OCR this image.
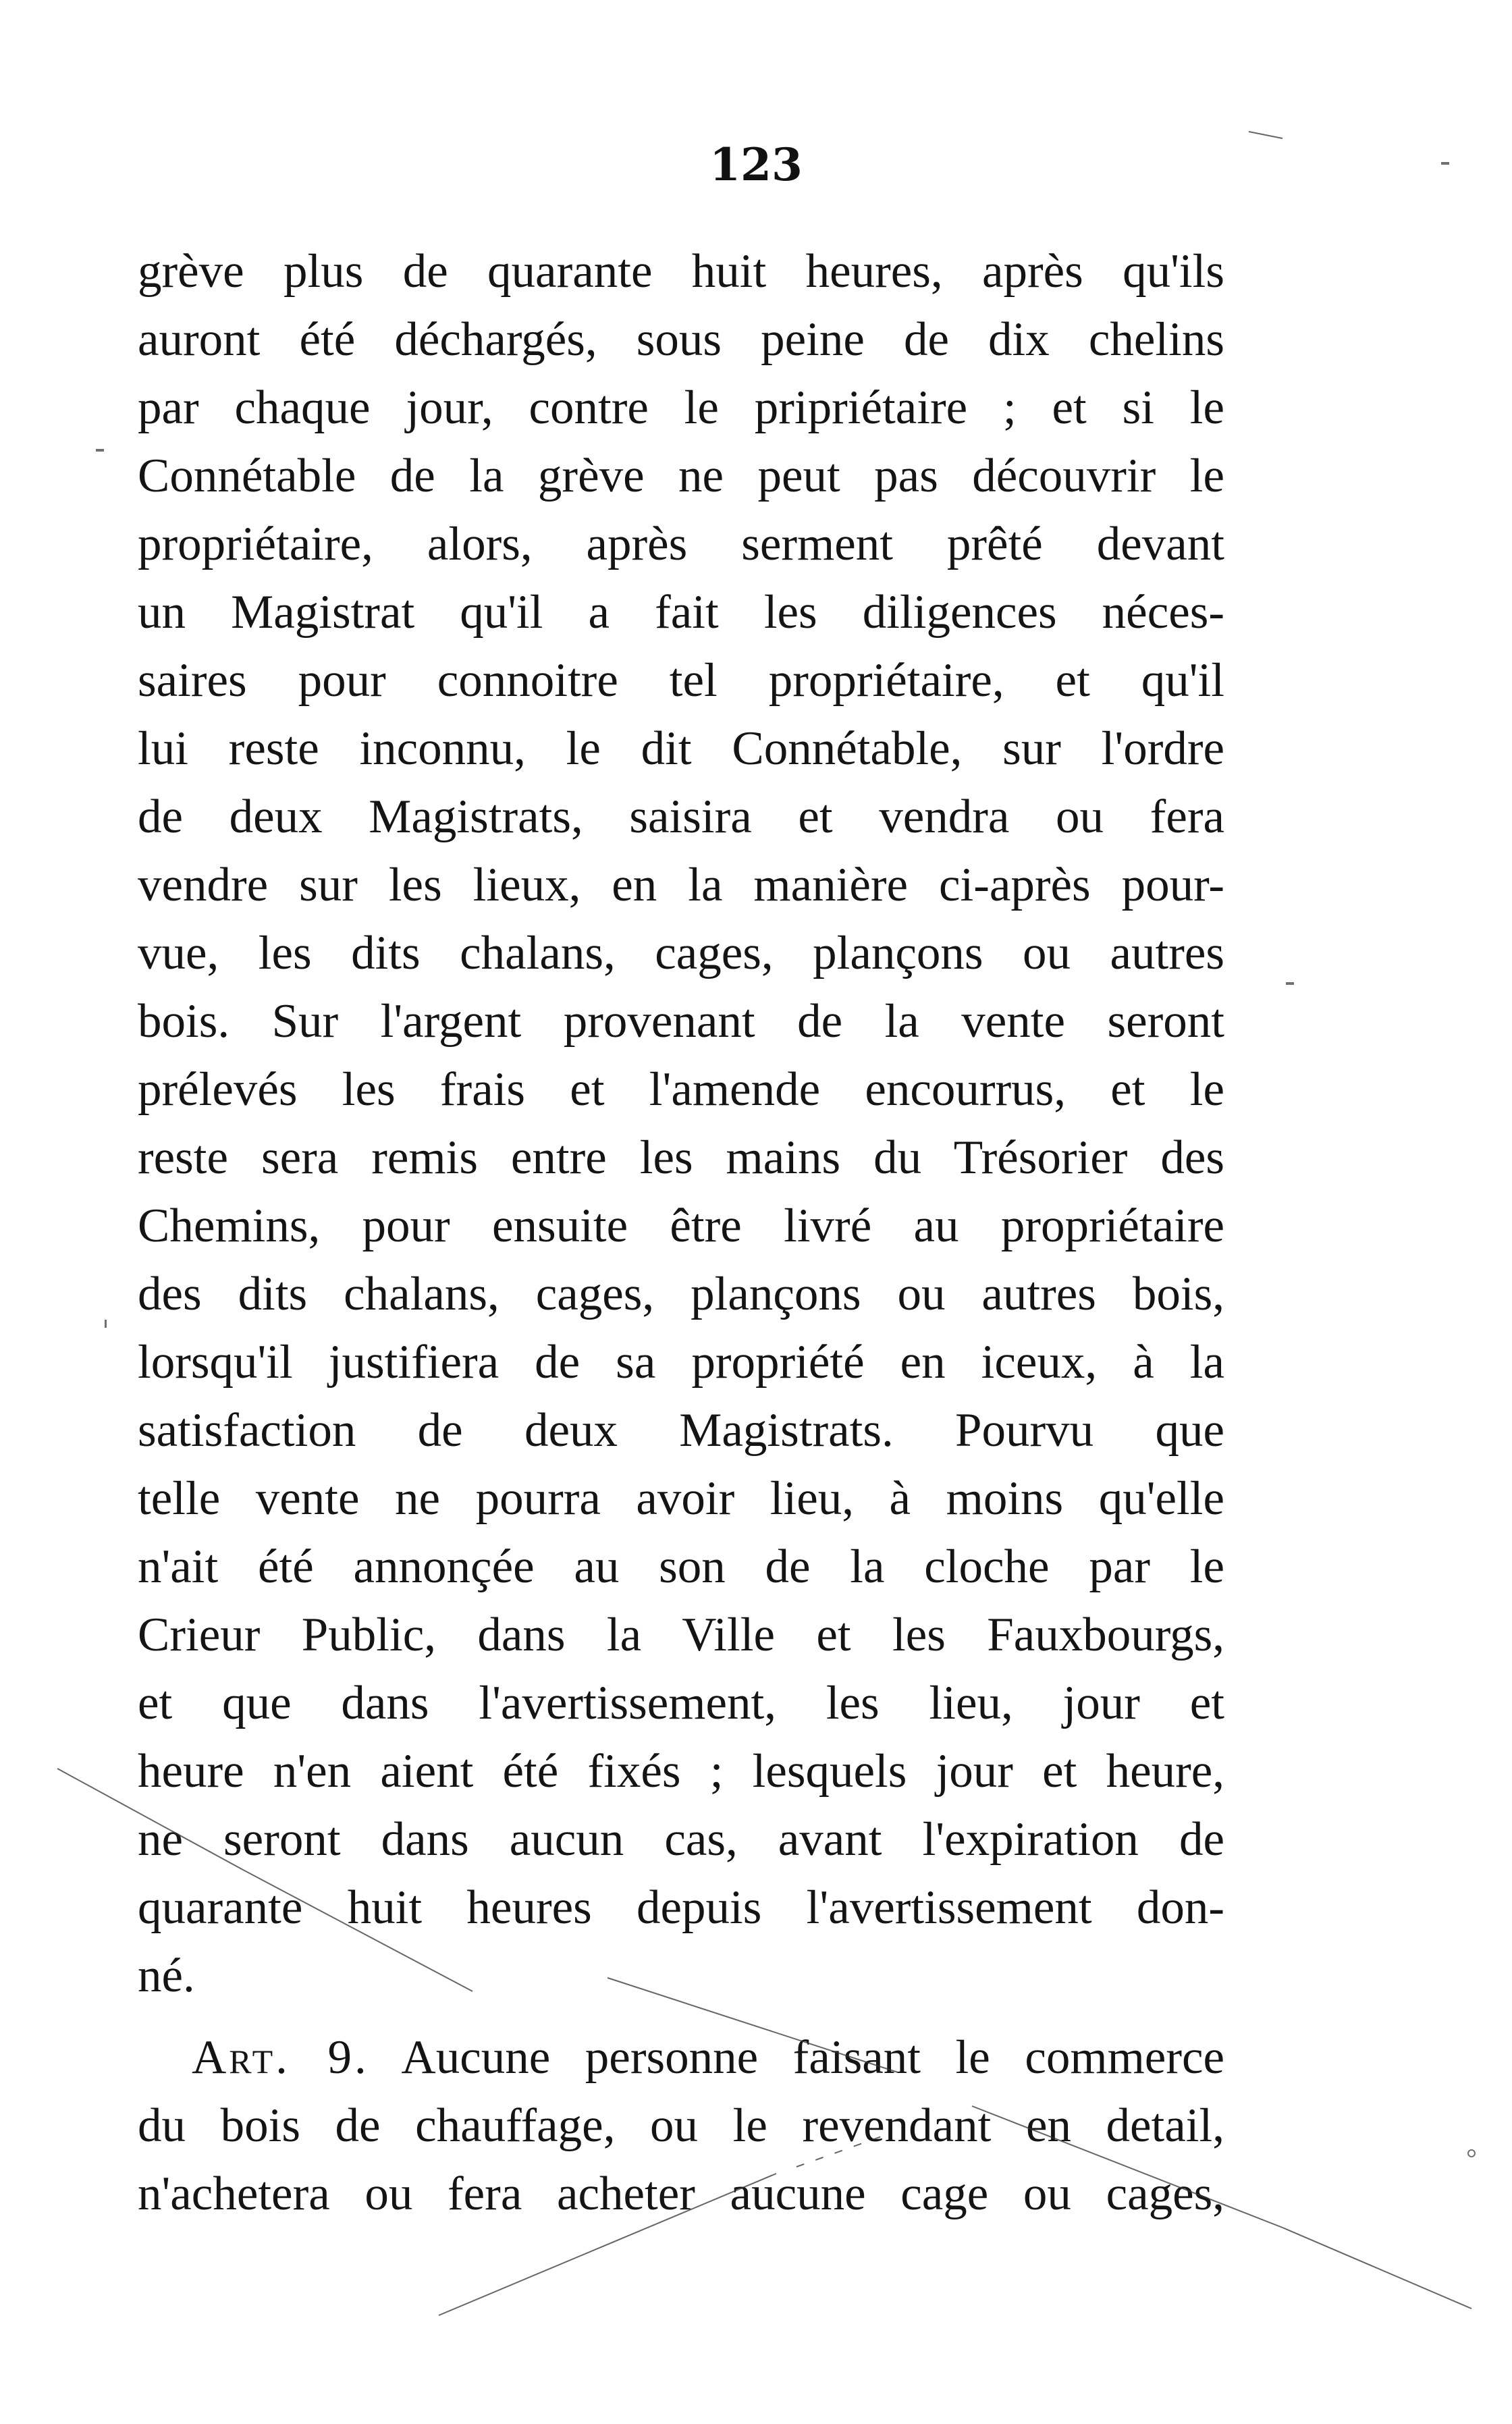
123
grève plus de quarante huit heures, après qu'ils
auront été déchargés, sous peine de dix chelins
par chaque jour, contre le pripriétaire ; et si le
Connétable de la grève ne peut pas découvrir le
propriétaire, alors, après serment prêté devant
un Magistrat qu'il a fait les diligences néces-
saires pour connoitre tel propriétaire, et qu'il
lui reste inconnu, le dit Connétable, sur l'ordre
de deux Magistrats, saisira et vendra ou fera
vendre sur les lieux, en la manière ci-après pour-
vue, les dits chalans, cages, plançons ou autres
bois. Sur l'argent provenant de la vente seront
prélevés les frais et l'amende encourrus, et le
reste sera remis entre les mains du Trésorier des
Chemins, pour ensuite être livré au propriétaire
des dits chalans, cages, plançons ou autres bois,
lorsqu'il justifiera de sa propriété en iceux, à la
satisfaction de deux Magistrats. Pourvu que
telle vente ne pourra avoir lieu, à moins qu'elle
n'ait été annonçée au son de la cloche par le
Crieur Public, dans la Ville et les Fauxbourgs,
et que dans l'avertissement, les lieu, jour et
heure n'en aient été fixés ; lesquels jour et heure,
ne seront dans aucun cas, avant l'expiration de
quarante huit heures depuis l'avertissement don-
né.
Art. 9. Aucune personne faisant le commerce
du bois de chauffage, ou le revendant en detail,
n'achetera ou fera acheter aucune cage ou cages,
